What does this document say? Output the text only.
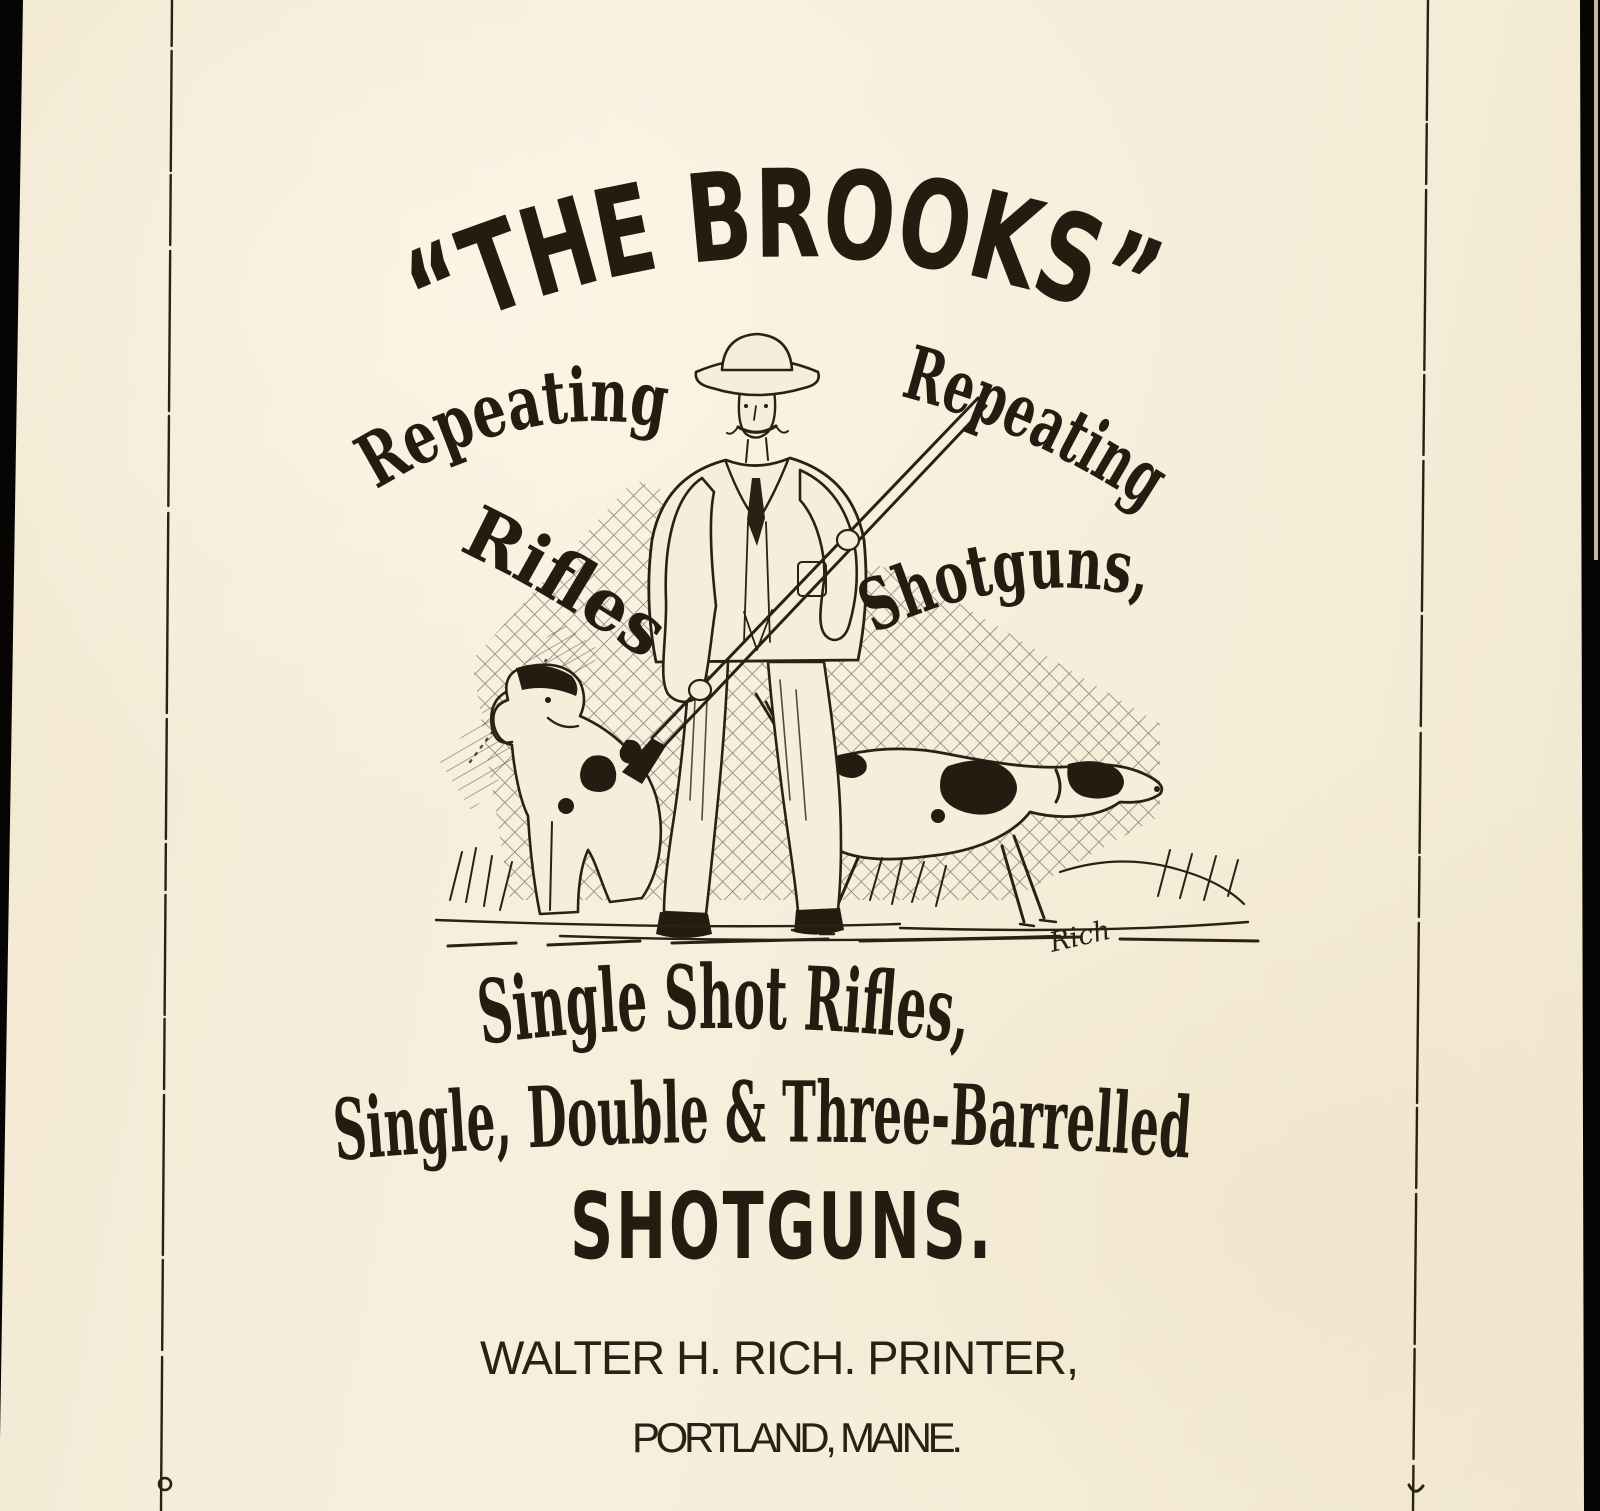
Rich
“THE BROOKS”
Repeating
Rifles
Repeating
Shotguns,
Single Shot Rifles,
Single, Double & Three-Barrelled
SHOTGUNS.
WALTER H. RICH. PRINTER,
PORTLAND, MAINE.
